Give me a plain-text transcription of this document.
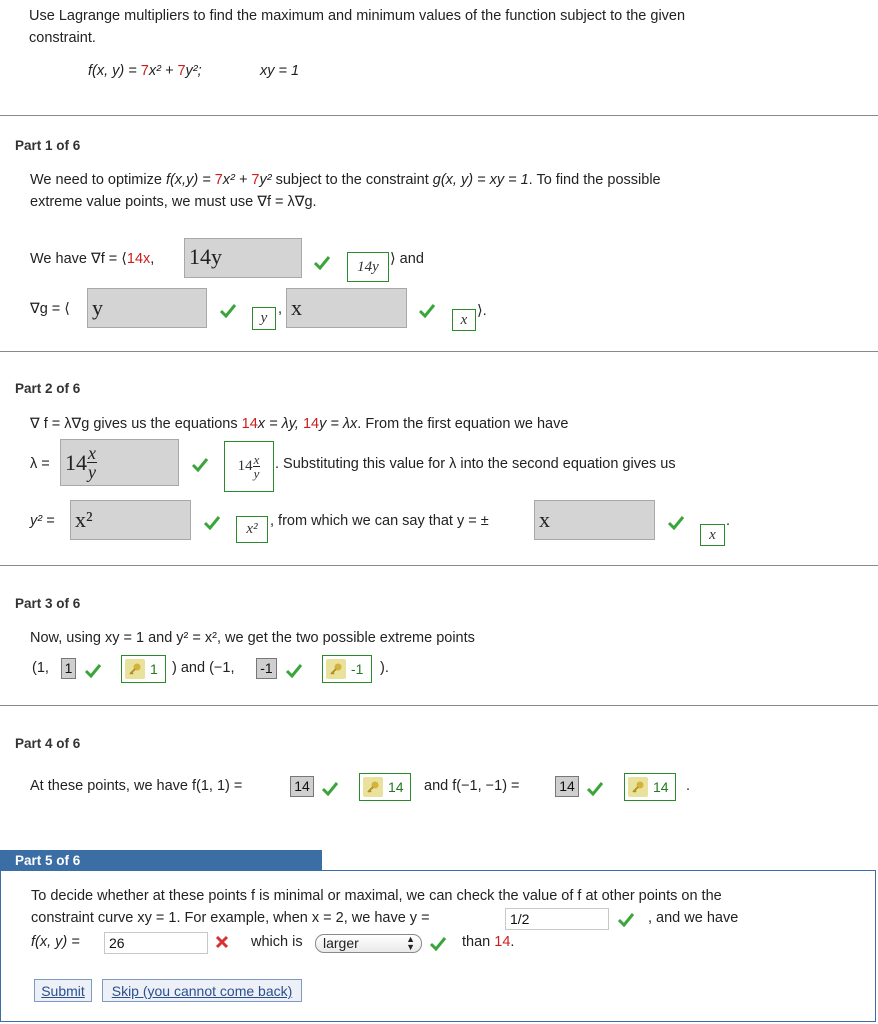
Use Lagrange multipliers to find the maximum and minimum values of the function subject to the given
constraint.
f(x, y) = 7x² + 7y²;	xy = 1
Part 1 of 6
We need to optimize f(x,y) = 7x² + 7y² subject to the constraint g(x, y) = xy = 1. To find the possible
extreme value points, we must use ∇f = λ∇g.
We have ∇f = ⟨14x, 14y	14y ⟩ and
∇g = ⟨ y	y
, x	x
⟩.
Part 2 of 6
∇ f = λ∇g gives us the equations 14x = λy, 14y = λx. From the first equation we have
$\lambda = 14 \frac{x}{y}$	$14 \frac{x}{y}$ . Substituting this value for λ into the second equation gives us
y² = x²	x² , from which we can say that y = ± x
x
.
Part 3 of 6
Now, using xy = 1 and y² = x², we get the two possible extreme points
(1, 1	1 ) and (−1,	-1	-1 ).
Part 4 of 6
At these points, we have f(1, 1) =	14	14 and f(−1, −1) =	14	14 .
Part 5 of 6
To decide whether at these points f is minimal or maximal, we can check the value of f at other points on the
constraint curve xy = 1. For example, when x = 2, we have y =	1/2	, and we have
f(x, y) =	26	which is	larger	▲
▼	than 14.
Submit	Skip (you cannot come back)
